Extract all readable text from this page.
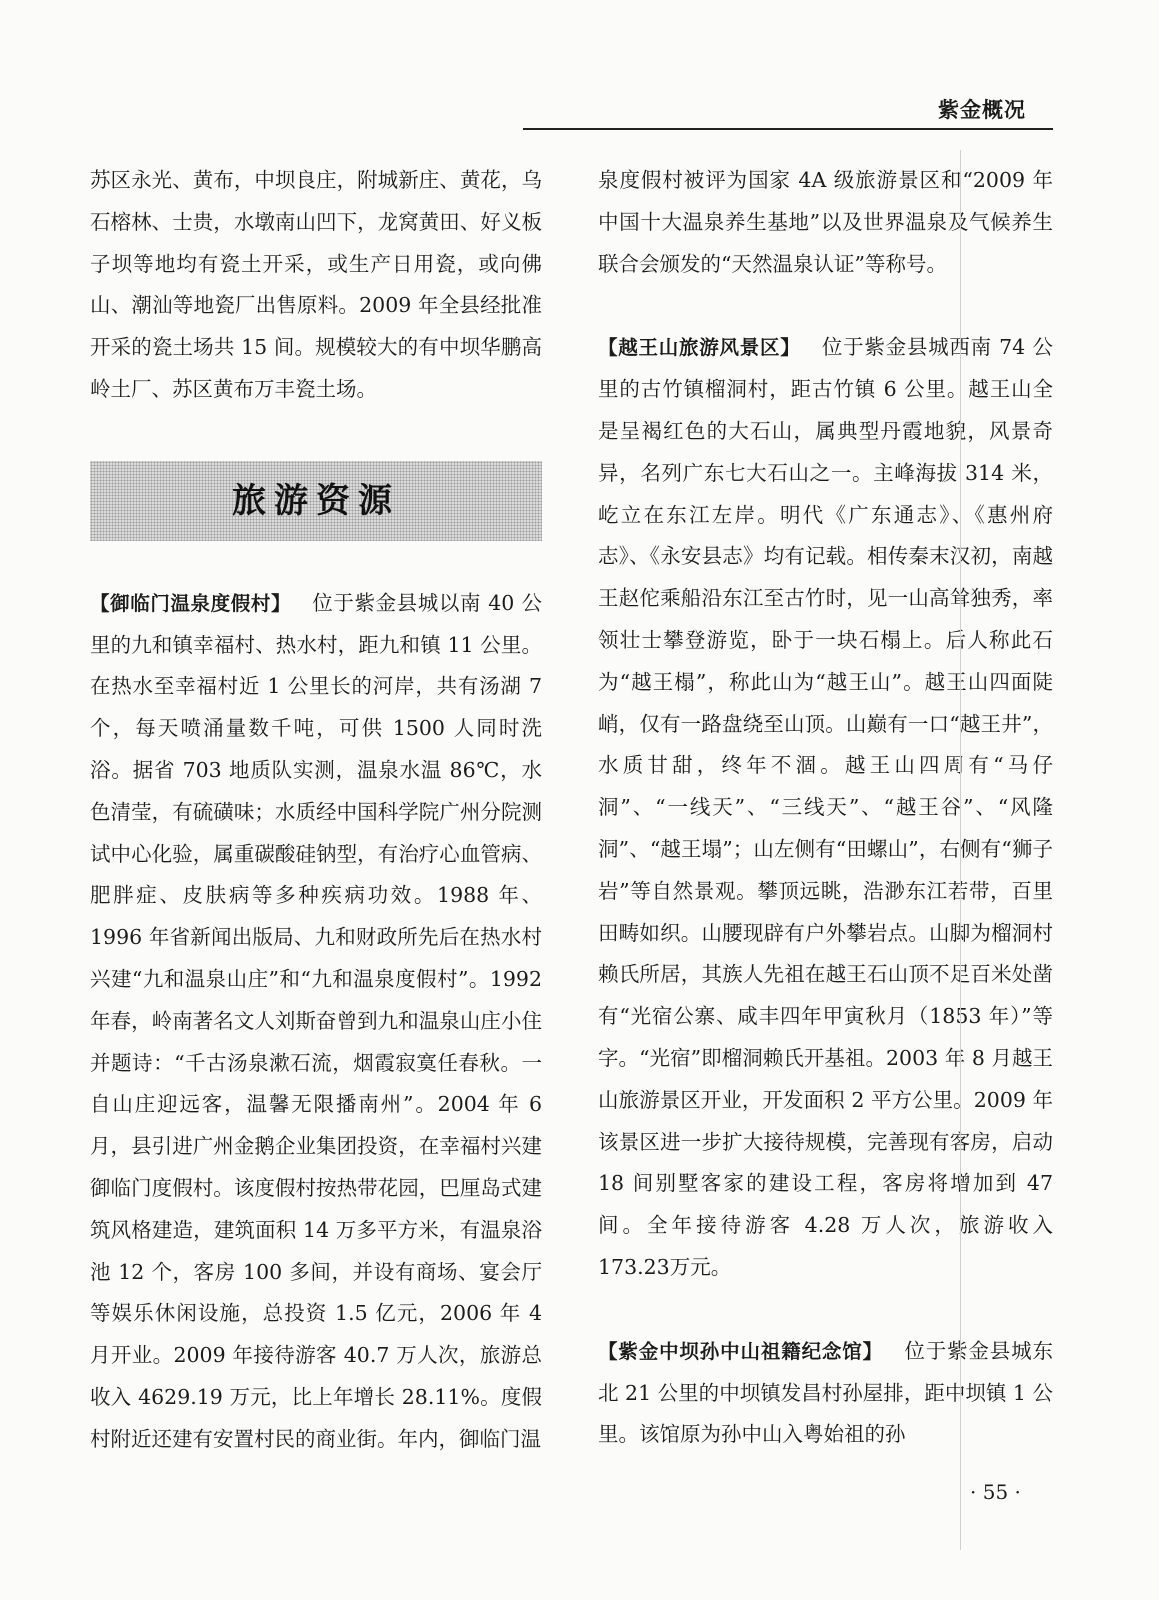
紫金概况

苏区永光、黄布，中坝良庄，附城新庄、黄花，乌石榕林、士贵，水墩南山凹下，龙窝黄田、好义板子坝等地均有瓷土开采，或生产日用瓷，或向佛山、潮汕等地瓷厂出售原料。2009 年全县经批准开采的瓷土场共 15 间。规模较大的有中坝华鹏高岭土厂、苏区黄布万丰瓷土场。

旅游资源

【御临门温泉度假村】  位于紫金县城以南 40 公里的九和镇幸福村、热水村，距九和镇 11 公里。在热水至幸福村近 1 公里长的河岸，共有汤湖 7 个，每天喷涌量数千吨，可供 1500 人同时洗浴。据省 703 地质队实测，温泉水温 86℃，水色清莹，有硫磺味；水质经中国科学院广州分院测试中心化验，属重碳酸硅钠型，有治疗心血管病、肥胖症、皮肤病等多种疾病功效。1988 年、1996 年省新闻出版局、九和财政所先后在热水村兴建“九和温泉山庄”和“九和温泉度假村”。1992 年春，岭南著名文人刘斯奋曾到九和温泉山庄小住并题诗：“千古汤泉漱石流，烟霞寂寞任春秋。一自山庄迎远客，温馨无限播南州”。2004 年 6 月，县引进广州金鹅企业集团投资，在幸福村兴建御临门度假村。该度假村按热带花园，巴厘岛式建筑风格建造，建筑面积 14 万多平方米，有温泉浴池 12 个，客房 100 多间，并设有商场、宴会厅等娱乐休闲设施，总投资 1.5 亿元，2006 年 4 月开业。2009 年接待游客 40.7 万人次，旅游总收入 4629.19 万元，比上年增长 28.11%。度假村附近还建有安置村民的商业街。年内，御临门温

泉度假村被评为国家 4A 级旅游景区和“2009 年中国十大温泉养生基地”以及世界温泉及气候养生联合会颁发的“天然温泉认证”等称号。

【越王山旅游风景区】  位于紫金县城西南 74 公里的古竹镇榴洞村，距古竹镇 6 公里。越王山全是呈褐红色的大石山，属典型丹霞地貌，风景奇异，名列广东七大石山之一。主峰海拔 314 米，屹立在东江左岸。明代《广东通志》、《惠州府志》、《永安县志》均有记载。相传秦末汉初，南越王赵佗乘船沿东江至古竹时，见一山高耸独秀，率领壮士攀登游览，卧于一块石榻上。后人称此石为“越王榻”，称此山为“越王山”。越王山四面陡峭，仅有一路盘绕至山顶。山巅有一口“越王井”，水质甘甜，终年不涸。越王山四周有“马仔洞”、“一线天”、“三线天”、“越王谷”、“风隆洞”、“越王塌”；山左侧有“田螺山”，右侧有“狮子岩”等自然景观。攀顶远眺，浩渺东江若带，百里田畴如织。山腰现辟有户外攀岩点。山脚为榴洞村赖氏所居，其族人先祖在越王石山顶不足百米处凿有“光宿公寨、咸丰四年甲寅秋月（1853 年）”等字。“光宿”即榴洞赖氏开基祖。2003 年 8 月越王山旅游景区开业，开发面积 2 平方公里。2009 年该景区进一步扩大接待规模，完善现有客房，启动 18 间别墅客家的建设工程，客房将增加到 47 间。全年接待游客 4.28 万人次，旅游收入173.23万元。

【紫金中坝孙中山祖籍纪念馆】  位于紫金县城东北 21 公里的中坝镇发昌村孙屋排，距中坝镇 1 公里。该馆原为孙中山入粤始祖的孙

· 55 ·
